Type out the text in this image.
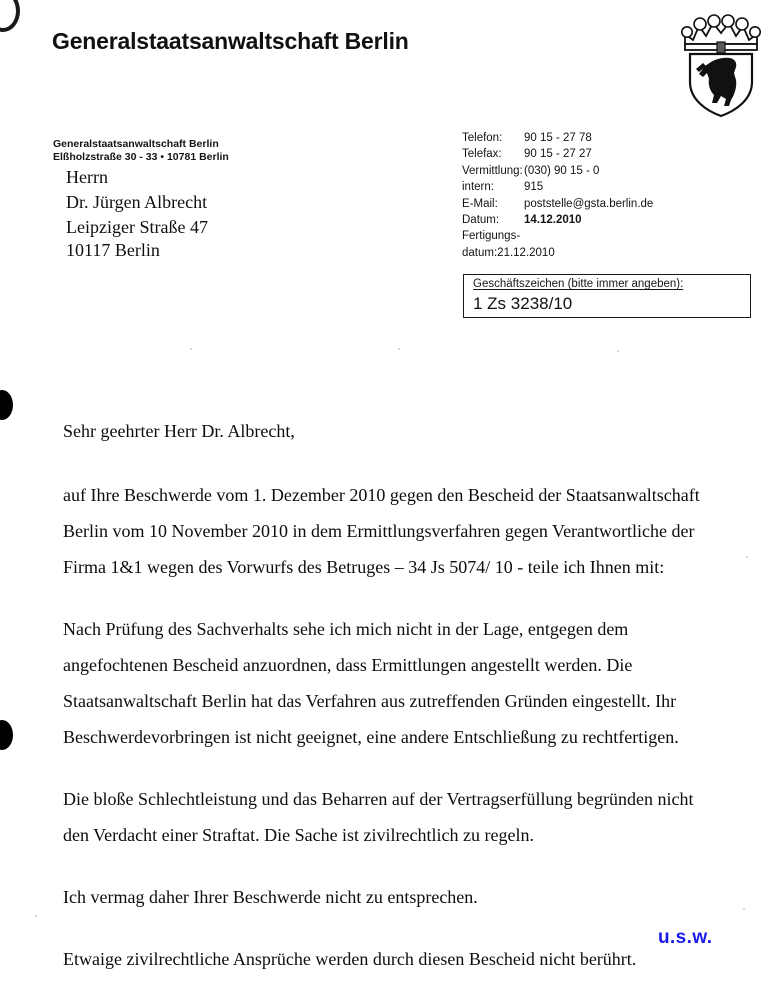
Generalstaatsanwaltschaft Berlin
Generalstaatsanwaltschaft Berlin
Elßholzstraße 30 - 33 • 10781 Berlin
Herrn
Dr. Jürgen Albrecht
Leipziger Straße 47
10117 Berlin
Telefon:	90 15 - 27 78
Telefax:	90 15 - 27 27
Vermittlung: (030) 90 15 - 0
intern:	915
E-Mail:	poststelle@gsta.berlin.de
Datum:	14.12.2010
Fertigungs-
datum: 21.12.2010
Geschäftszeichen (bitte immer angeben):
1 Zs 3238/10

Sehr geehrter Herr Dr. Albrecht,

auf Ihre Beschwerde vom 1. Dezember 2010 gegen den Bescheid der Staatsanwaltschaft Berlin vom 10 November 2010 in dem Ermittlungsverfahren gegen Verantwortliche der Firma 1&1 wegen des Vorwurfs des Betruges – 34 Js 5074/ 10 - teile ich Ihnen mit:

Nach Prüfung des Sachverhalts sehe ich mich nicht in der Lage, entgegen dem angefochtenen Bescheid anzuordnen, dass Ermittlungen angestellt werden. Die Staatsanwaltschaft Berlin hat das Verfahren aus zutreffenden Gründen eingestellt. Ihr Beschwerdevorbringen ist nicht geeignet, eine andere Entschließung zu rechtfertigen.

Die bloße Schlechtleistung und das Beharren auf der Vertragserfüllung begründen nicht den Verdacht einer Straftat. Die Sache ist zivilrechtlich zu regeln.

Ich vermag daher Ihrer Beschwerde nicht zu entsprechen.

Etwaige zivilrechtliche Ansprüche werden durch diesen Bescheid nicht berührt.

u.s.w.
